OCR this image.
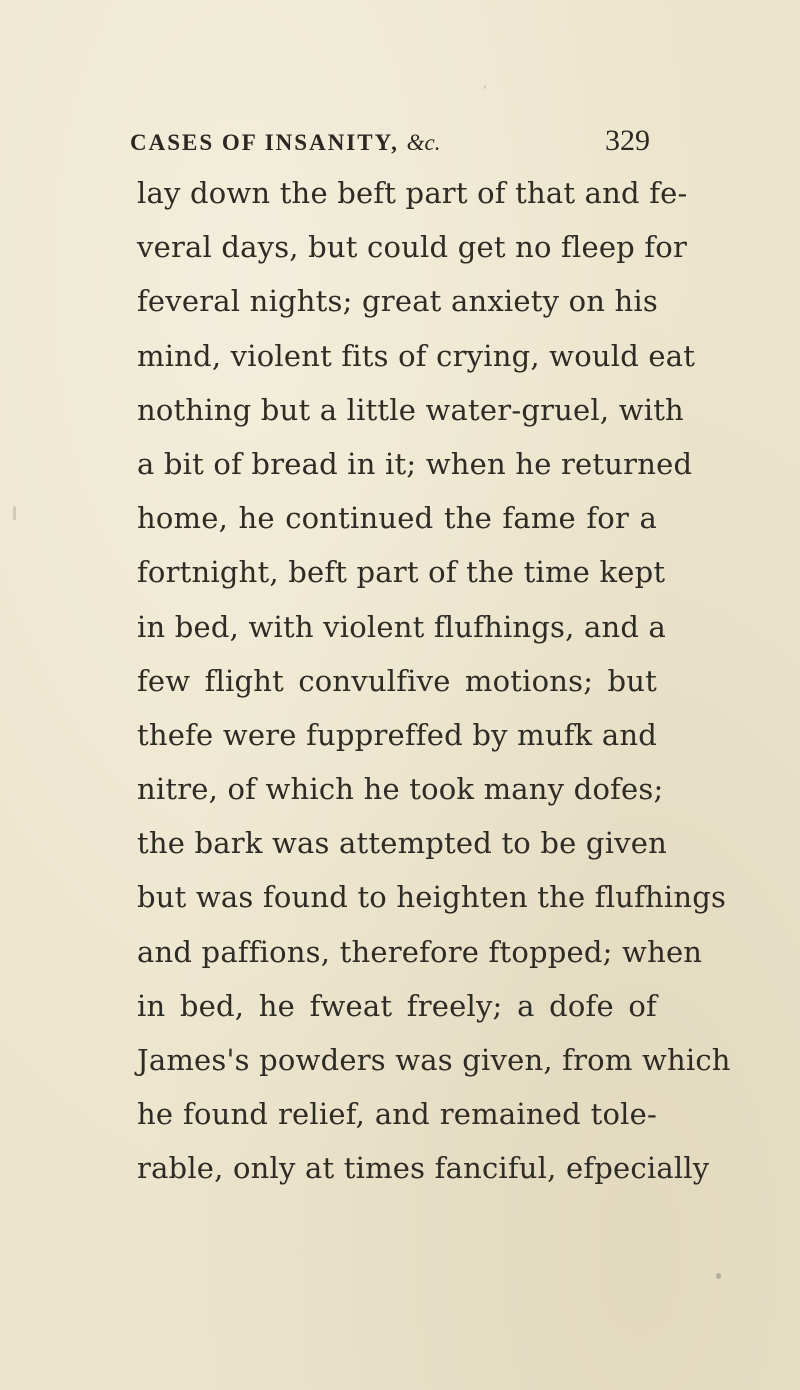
CASES OF INSANITY, &c.	329
lay down the beft part of that and fe-
veral days, but could get no fleep for
feveral nights; great anxiety on his
mind, violent fits of crying, would eat
nothing but a little water-gruel, with
a bit of bread in it; when he returned
home, he continued the fame for a
fortnight, beft part of the time kept
in bed, with violent flufhings, and a
few flight convulfive motions; but
thefe were fuppreffed by mufk and
nitre, of which he took many dofes;
the bark was attempted to be given
but was found to heighten the flufhings
and paffions, therefore ftopped; when
in bed, he fweat freely; a dofe of
James's powders was given, from which
he found relief, and remained tole-
rable, only at times fanciful, efpecially
